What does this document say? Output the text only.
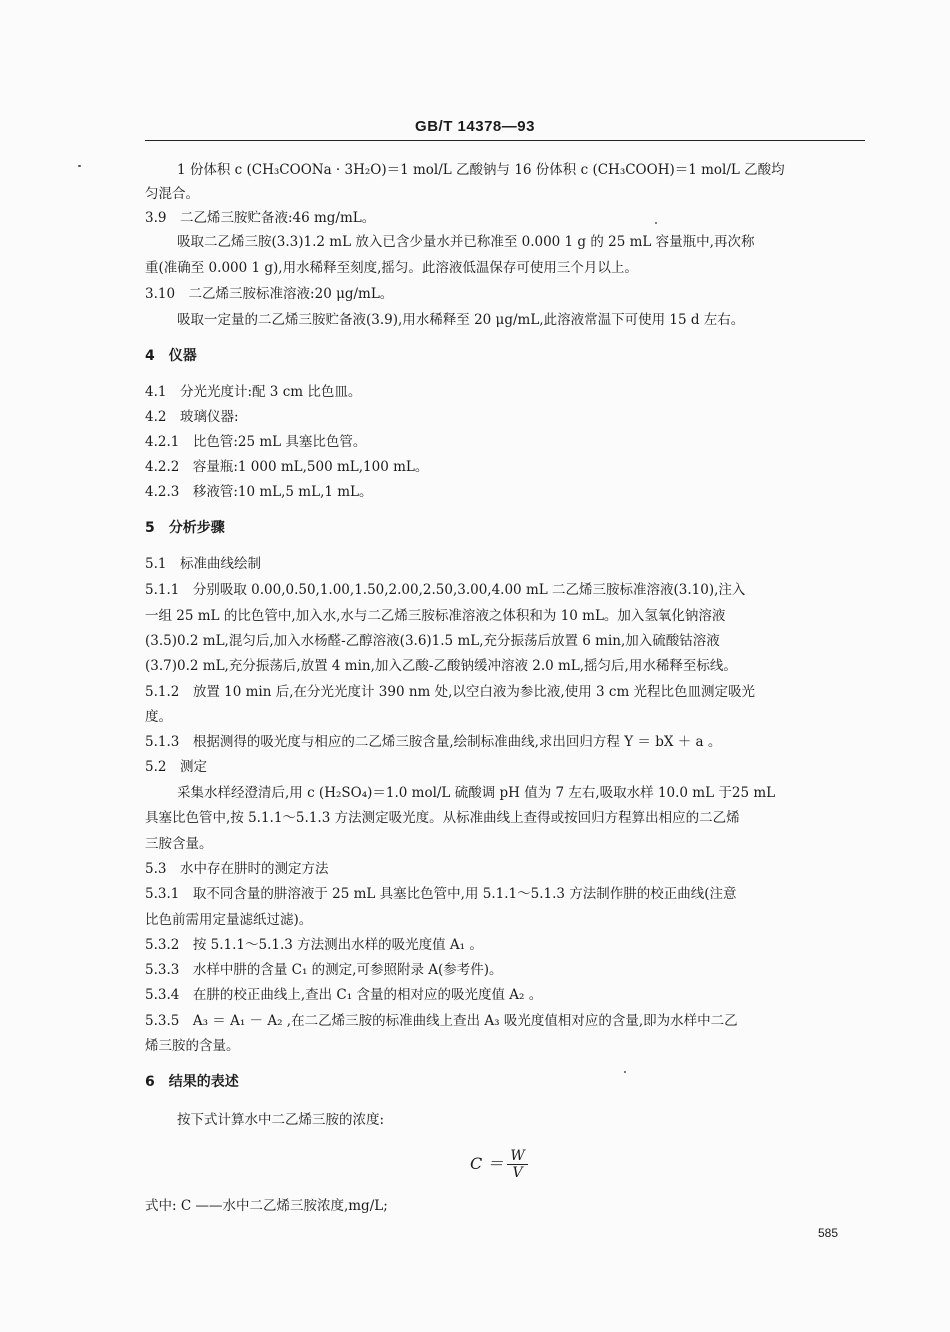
GB/T 14378—93
1 份体积 c (CH₃COONa · 3H₂O)＝1 mol/L 乙酸钠与 16 份体积 c (CH₃COOH)＝1 mol/L 乙酸均
匀混合。
3.9　二乙烯三胺贮备液:46 mg/mL。
吸取二乙烯三胺(3.3)1.2 mL 放入已含少量水并已称准至 0.000 1 g 的 25 mL 容量瓶中,再次称
重(准确至 0.000 1 g),用水稀释至刻度,摇匀。此溶液低温保存可使用三个月以上。
3.10　二乙烯三胺标准溶液:20 μg/mL。
吸取一定量的二乙烯三胺贮备液(3.9),用水稀释至 20 μg/mL,此溶液常温下可使用 15 d 左右。
4　仪器
4.1　分光光度计:配 3 cm 比色皿。
4.2　玻璃仪器:
4.2.1　比色管:25 mL 具塞比色管。
4.2.2　容量瓶:1 000 mL,500 mL,100 mL。
4.2.3　移液管:10 mL,5 mL,1 mL。
5　分析步骤
5.1　标准曲线绘制
5.1.1　分别吸取 0.00,0.50,1.00,1.50,2.00,2.50,3.00,4.00 mL 二乙烯三胺标准溶液(3.10),注入
一组 25 mL 的比色管中,加入水,水与二乙烯三胺标准溶液之体积和为 10 mL。加入氢氧化钠溶液
(3.5)0.2 mL,混匀后,加入水杨醛-乙醇溶液(3.6)1.5 mL,充分振荡后放置 6 min,加入硫酸钴溶液
(3.7)0.2 mL,充分振荡后,放置 4 min,加入乙酸-乙酸钠缓冲溶液 2.0 mL,摇匀后,用水稀释至标线。
5.1.2　放置 10 min 后,在分光光度计 390 nm 处,以空白液为参比液,使用 3 cm 光程比色皿测定吸光
度。
5.1.3　根据测得的吸光度与相应的二乙烯三胺含量,绘制标准曲线,求出回归方程 Y ＝ bX ＋ a 。
5.2　测定
采集水样经澄清后,用 c (H₂SO₄)＝1.0 mol/L 硫酸调 pH 值为 7 左右,吸取水样 10.0 mL 于25 mL
具塞比色管中,按 5.1.1～5.1.3 方法测定吸光度。从标准曲线上查得或按回归方程算出相应的二乙烯
三胺含量。
5.3　水中存在肼时的测定方法
5.3.1　取不同含量的肼溶液于 25 mL 具塞比色管中,用 5.1.1～5.1.3 方法制作肼的校正曲线(注意
比色前需用定量滤纸过滤)。
5.3.2　按 5.1.1～5.1.3 方法测出水样的吸光度值 A₁ 。
5.3.3　水样中肼的含量 C₁ 的测定,可参照附录 A(参考件)。
5.3.4　在肼的校正曲线上,查出 C₁ 含量的相对应的吸光度值 A₂ 。
5.3.5　A₃ ＝ A₁ － A₂ ,在二乙烯三胺的标准曲线上查出 A₃ 吸光度值相对应的含量,即为水样中二乙
烯三胺的含量。
6　结果的表述
按下式计算水中二乙烯三胺的浓度:
$C = \frac{W}{V}$
式中: C ——水中二乙烯三胺浓度,mg/L;
585
